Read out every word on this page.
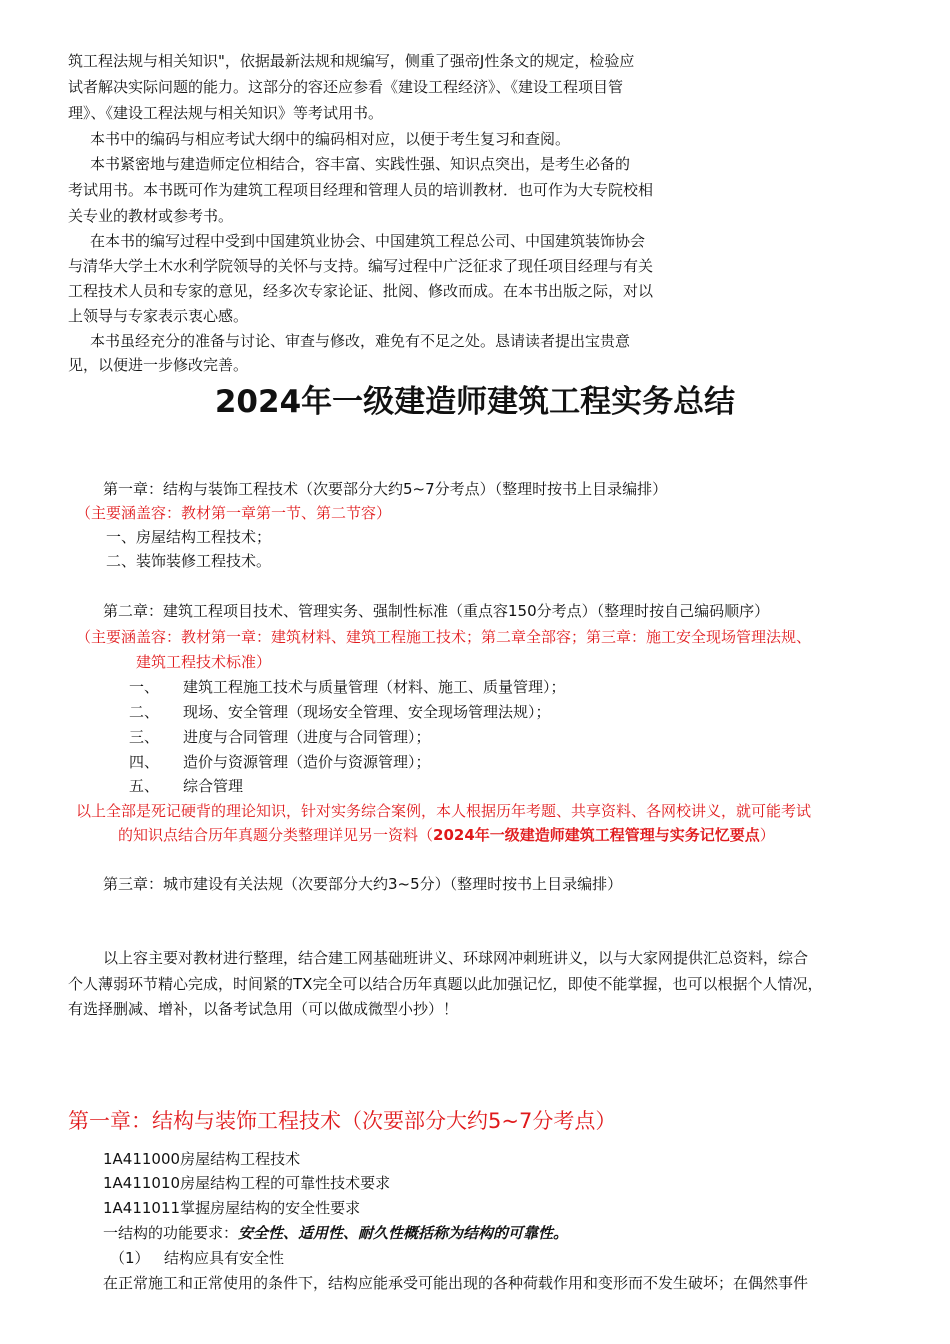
筑工程法规与相关知识"，依据最新法规和规编写，侧重了强帝J性条文的规定，检验应
试者解决实际问题的能力。这部分的容还应参看《建设工程经济》、《建设工程项目管
理》、《建设工程法规与相关知识》等考试用书。
本书中的编码与相应考试大纲中的编码相对应，以便于考生复习和查阅。
本书紧密地与建造师定位相结合，容丰富、实践性强、知识点突出，是考生必备的
考试用书。本书既可作为建筑工程项目经理和管理人员的培训教材．也可作为大专院校相
关专业的教材或参考书。
在本书的编写过程中受到中国建筑业协会、中国建筑工程总公司、中国建筑装饰协会
与清华大学土木水利学院领导的关怀与支持。编写过程中广泛征求了现任项目经理与有关
工程技术人员和专家的意见，经多次专家论证、批阅、修改而成。在本书出版之际，对以
上领导与专家表示衷心感。
本书虽经充分的准备与讨论、审查与修改，难免有不足之处。恳请读者提出宝贵意
见，以便进一步修改完善。
2024年一级建造师建筑工程实务总结
第一章：结构与装饰工程技术（次要部分大约5~7分考点）（整理时按书上目录编排）
（主要涵盖容：教材第一章第一节、第二节容）
一、房屋结构工程技术；
二、装饰装修工程技术。
第二章：建筑工程项目技术、管理实务、强制性标准（重点容150分考点）（整理时按自己编码顺序）
（主要涵盖容：教材第一章：建筑材料、建筑工程施工技术；第二章全部容；第三章：施工安全现场管理法规、
建筑工程技术标准）
一、 建筑工程施工技术与质量管理（材料、施工、质量管理）；
二、 现场、安全管理（现场安全管理、安全现场管理法规）；
三、 进度与合同管理（进度与合同管理）；
四、 造价与资源管理（造价与资源管理）；
五、 综合管理
以上全部是死记硬背的理论知识，针对实务综合案例，本人根据历年考题、共享资料、各网校讲义，就可能考试
的知识点结合历年真题分类整理详见另一资料（2024年一级建造师建筑工程管理与实务记忆要点）
第三章：城市建设有关法规（次要部分大约3~5分）（整理时按书上目录编排）
以上容主要对教材进行整理，结合建工网基础班讲义、环球网冲刺班讲义，以与大家网提供汇总资料，综合
个人薄弱环节精心完成，时间紧的TX完全可以结合历年真题以此加强记忆，即使不能掌握，也可以根据个人情况，
有选择删减、增补，以备考试急用（可以做成微型小抄）！
第一章：结构与装饰工程技术（次要部分大约5~7分考点）
1A411000房屋结构工程技术
1A411010房屋结构工程的可靠性技术要求
1A411011掌握房屋结构的安全性要求
一结构的功能要求：安全性、适用性、耐久性概括称为结构的可靠性。
（1） 结构应具有安全性
在正常施工和正常使用的条件下，结构应能承受可能出现的各种荷载作用和变形而不发生破坏；在偶然事件
